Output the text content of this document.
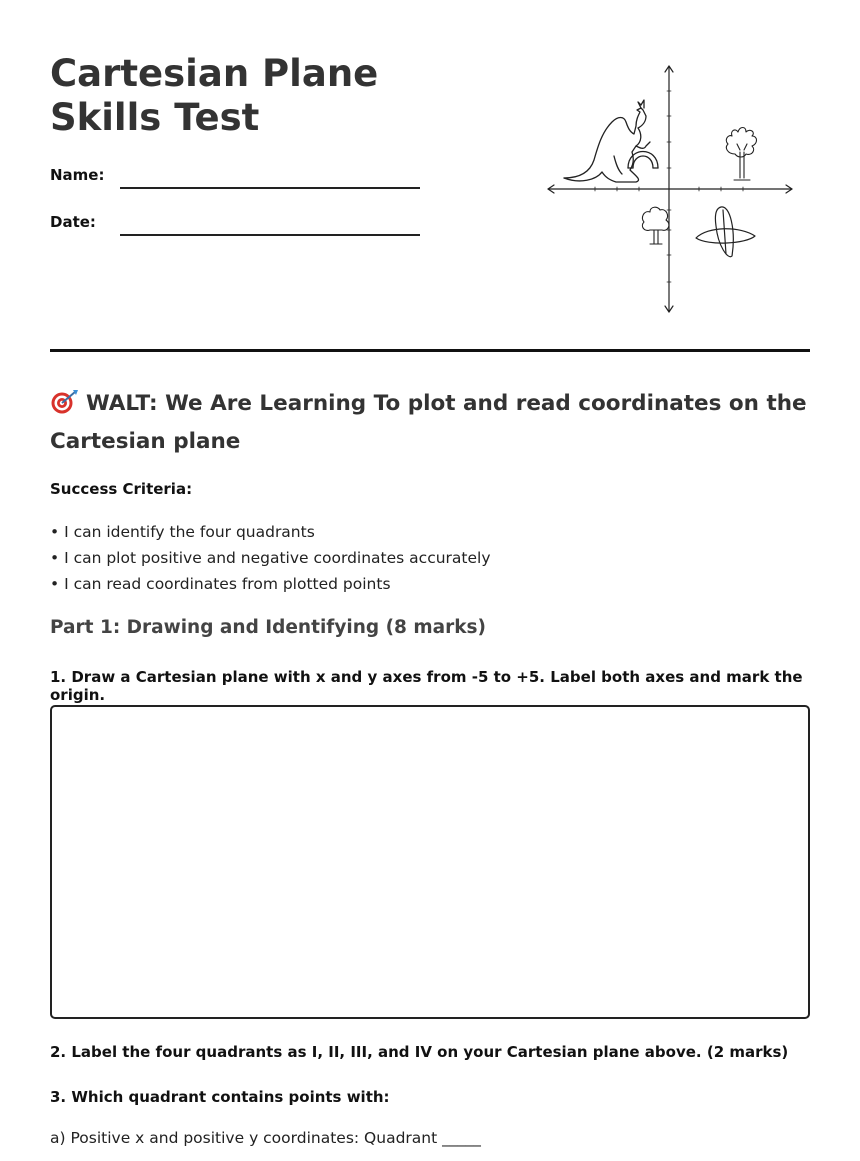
Cartesian Plane Skills Test
Name:
Date:
WALT: We Are Learning To plot and read coordinates on the Cartesian plane
Success Criteria:
• I can identify the four quadrants
• I can plot positive and negative coordinates accurately
• I can read coordinates from plotted points
Part 1: Drawing and Identifying (8 marks)

1. Draw a Cartesian plane with x and y axes from -5 to +5. Label both axes and mark the origin.

2. Label the four quadrants as I, II, III, and IV on your Cartesian plane above. (2 marks)

3. Which quadrant contains points with:

a) Positive x and positive y coordinates: Quadrant _____
